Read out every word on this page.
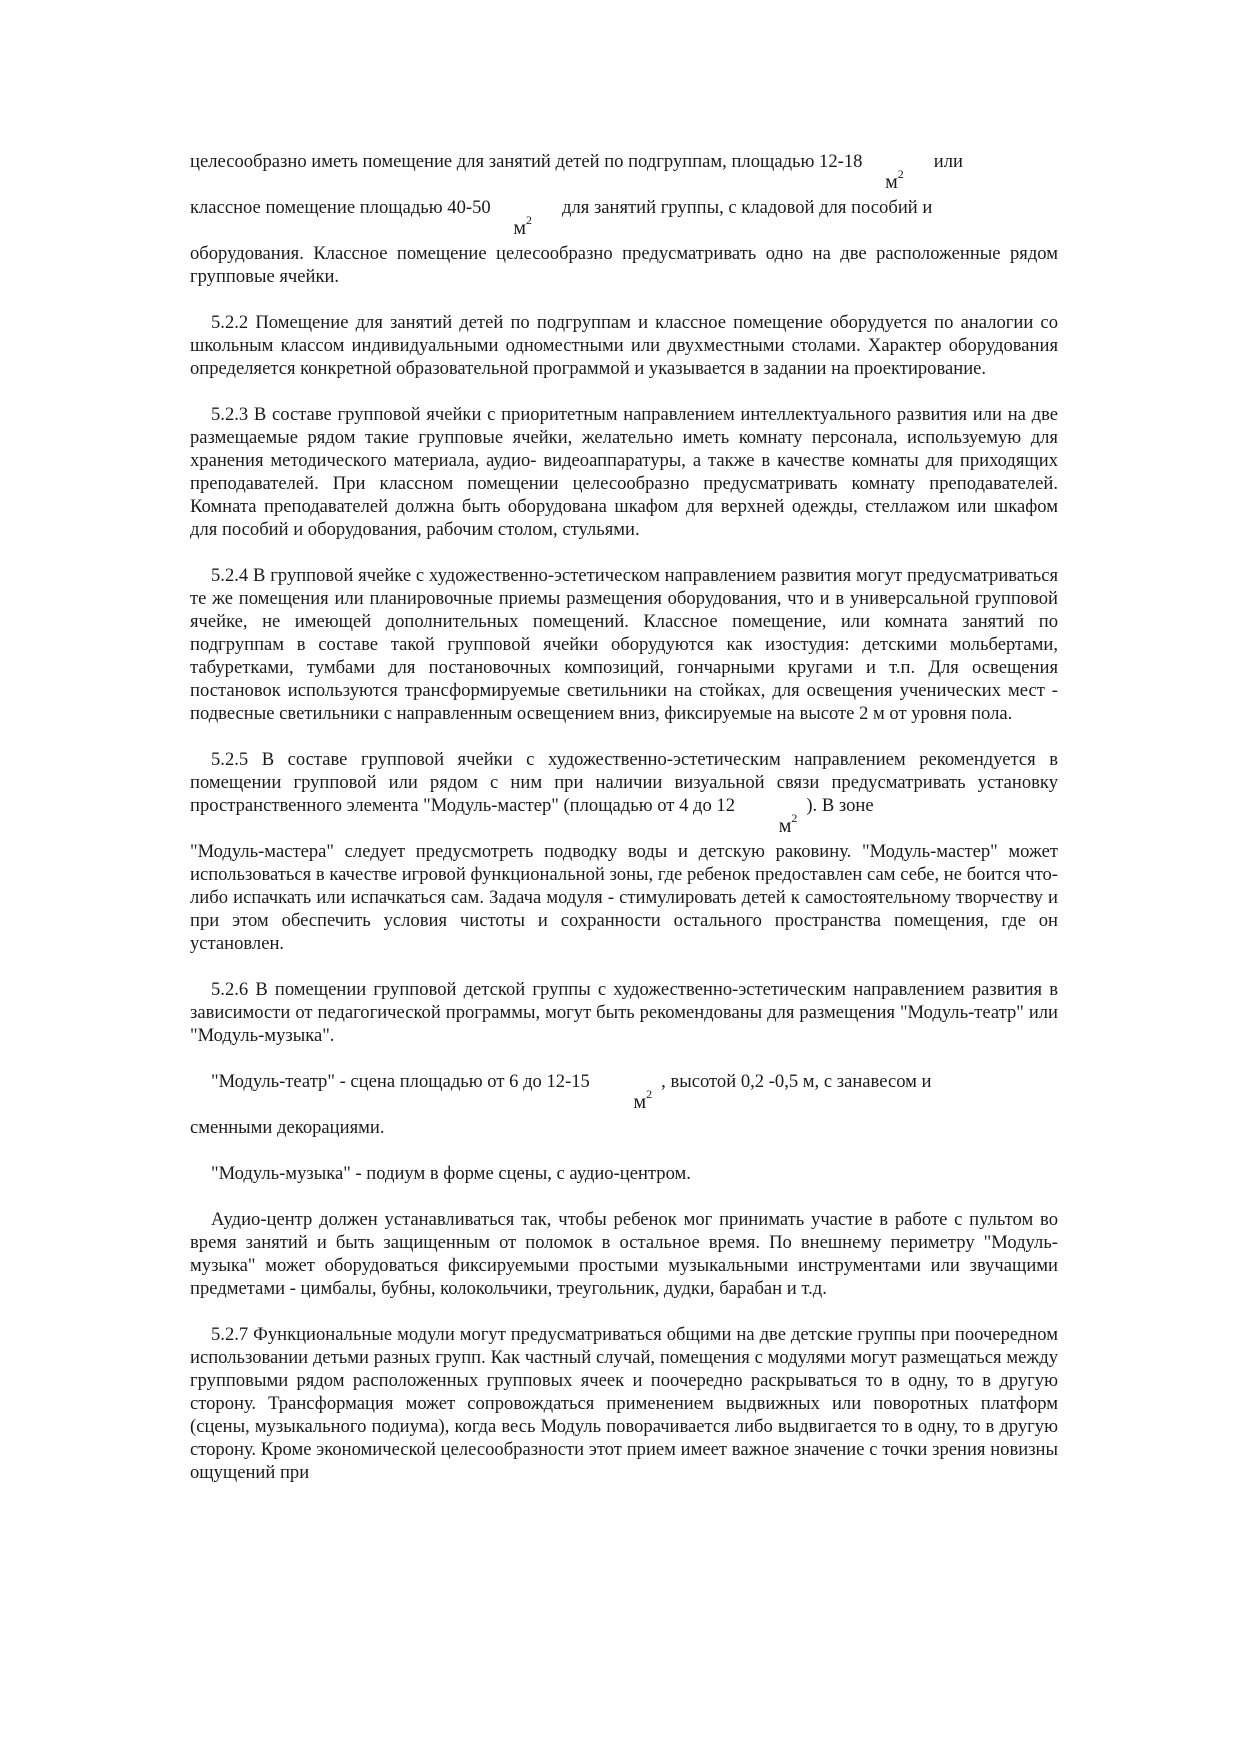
целесообразно иметь помещение для занятий детей по подгруппам, площадью 12-18
$м^2$
или
классное помещение площадью 40-50
$м^2$
для занятий группы, с кладовой для пособий и
оборудования. Классное помещение целесообразно предусматривать одно на две расположенные рядом групповые ячейки.

5.2.2 Помещение для занятий детей по подгруппам и классное помещение оборудуется по аналогии со школьным классом индивидуальными одноместными или двухместными столами. Характер оборудования определяется конкретной образовательной программой и указывается в задании на проектирование.

5.2.3 В составе групповой ячейки с приоритетным направлением интеллектуального развития или на две размещаемые рядом такие групповые ячейки, желательно иметь комнату персонала, используемую для хранения методического материала, аудио- видеоаппаратуры, а также в качестве комнаты для приходящих преподавателей. При классном помещении целесообразно предусматривать комнату преподавателей. Комната преподавателей должна быть оборудована шкафом для верхней одежды, стеллажом или шкафом для пособий и оборудования, рабочим столом, стульями.

5.2.4 В групповой ячейке с художественно-эстетическом направлением развития могут предусматриваться те же помещения или планировочные приемы размещения оборудования, что и в универсальной групповой ячейке, не имеющей дополнительных помещений. Классное помещение, или комната занятий по подгруппам в составе такой групповой ячейки оборудуются как изостудия: детскими мольбертами, табуретками, тумбами для постановочных композиций, гончарными кругами и т.п. Для освещения постановок используются трансформируемые светильники на стойках, для освещения ученических мест - подвесные светильники с направленным освещением вниз, фиксируемые на высоте 2 м от уровня пола.

5.2.5 В составе групповой ячейки с художественно-эстетическим направлением рекомендуется в помещении групповой или рядом с ним при наличии визуальной связи предусматривать установку пространственного элемента "Модуль-мастер" (площадью от 4 до 12
$м^2$
). В зоне
"Модуль-мастера" следует предусмотреть подводку воды и детскую раковину. "Модуль-мастер" может использоваться в качестве игровой функциональной зоны, где ребенок предоставлен сам себе, не боится что-либо испачкать или испачкаться сам. Задача модуля - стимулировать детей к самостоятельному творчеству и при этом обеспечить условия чистоты и сохранности остального пространства помещения, где он установлен.

5.2.6 В помещении групповой детской группы с художественно-эстетическим направлением развития в зависимости от педагогической программы, могут быть рекомендованы для размещения "Модуль-театр" или "Модуль-музыка".

"Модуль-театр" - сцена площадью от 6 до 12-15
$м^2$
, высотой 0,2 -0,5 м, с занавесом и
сменными декорациями.

"Модуль-музыка" - подиум в форме сцены, с аудио-центром.

Аудио-центр должен устанавливаться так, чтобы ребенок мог принимать участие в работе с пультом во время занятий и быть защищенным от поломок в остальное время. По внешнему периметру "Модуль-музыка" может оборудоваться фиксируемыми простыми музыкальными инструментами или звучащими предметами - цимбалы, бубны, колокольчики, треугольник, дудки, барабан и т.д.

5.2.7 Функциональные модули могут предусматриваться общими на две детские группы при поочередном использовании детьми разных групп. Как частный случай, помещения с модулями могут размещаться между групповыми рядом расположенных групповых ячеек и поочередно раскрываться то в одну, то в другую сторону. Трансформация может сопровождаться применением выдвижных или поворотных платформ (сцены, музыкального подиума), когда весь Модуль поворачивается либо выдвигается то в одну, то в другую сторону. Кроме экономической целесообразности этот прием имеет важное значение с точки зрения новизны ощущений при
